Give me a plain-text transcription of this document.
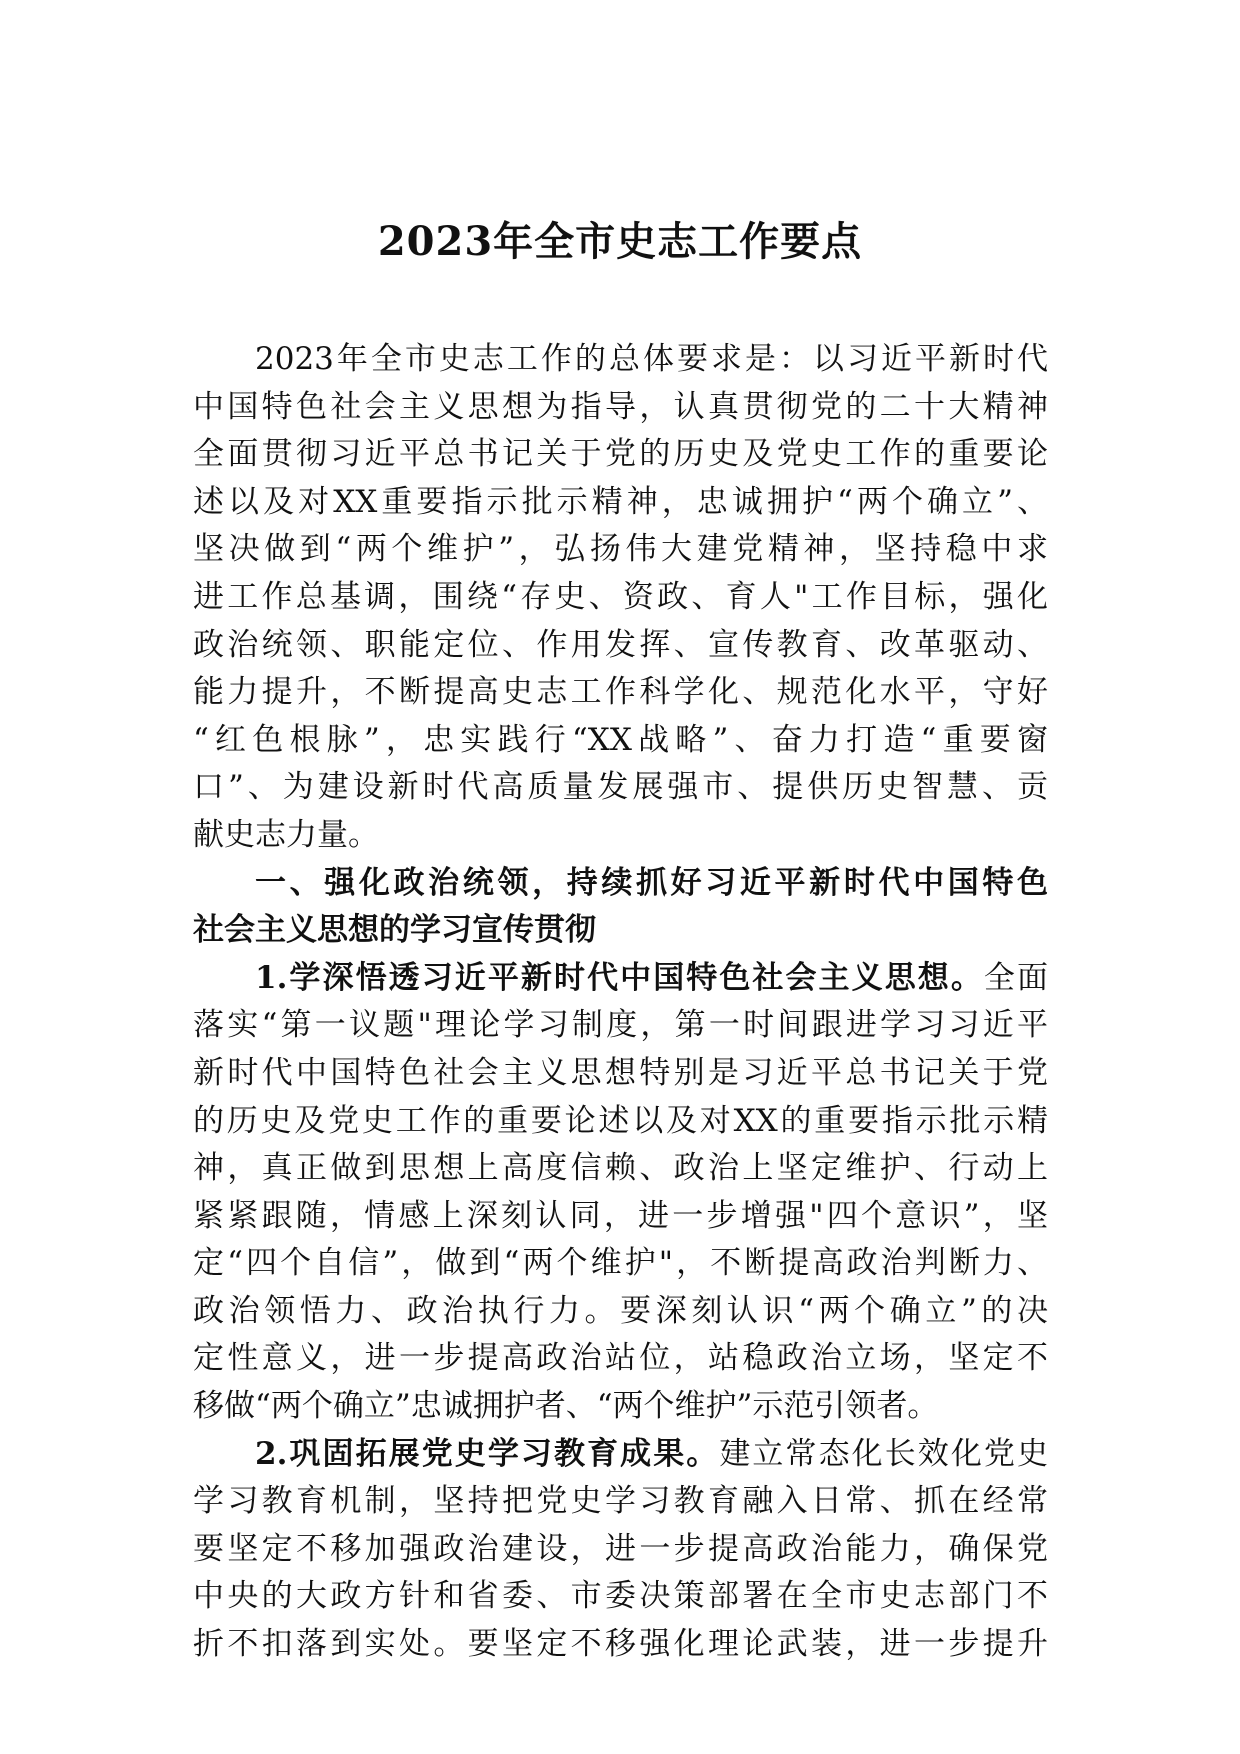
2023年全市史志工作要点
2023年全市史志工作的总体要求是：以习近平新时代
中国特色社会主义思想为指导，认真贯彻党的二十大精神
全面贯彻习近平总书记关于党的历史及党史工作的重要论
述以及对XX重要指示批示精神，忠诚拥护“两个确立”、
坚决做到“两个维护”，弘扬伟大建党精神，坚持稳中求
进工作总基调，围绕“存史、资政、育人"工作目标，强化
政治统领、职能定位、作用发挥、宣传教育、改革驱动、
能力提升，不断提高史志工作科学化、规范化水平，守好
“红色根脉”，忠实践行“XX战略”、奋力打造“重要窗
口”、为建设新时代高质量发展强市、提供历史智慧、贡
献史志力量。
一、强化政治统领，持续抓好习近平新时代中国特色
社会主义思想的学习宣传贯彻
1.学深悟透习近平新时代中国特色社会主义思想。全面
落实“第一议题"理论学习制度，第一时间跟进学习习近平
新时代中国特色社会主义思想特别是习近平总书记关于党
的历史及党史工作的重要论述以及对XX的重要指示批示精
神，真正做到思想上高度信赖、政治上坚定维护、行动上
紧紧跟随，情感上深刻认同，进一步增强"四个意识”，坚
定“四个自信”，做到“两个维护"，不断提高政治判断力、
政治领悟力、政治执行力。要深刻认识“两个确立”的决
定性意义，进一步提高政治站位，站稳政治立场，坚定不
移做“两个确立”忠诚拥护者、“两个维护”示范引领者。
2.巩固拓展党史学习教育成果。建立常态化长效化党史
学习教育机制，坚持把党史学习教育融入日常、抓在经常
要坚定不移加强政治建设，进一步提高政治能力，确保党
中央的大政方针和省委、市委决策部署在全市史志部门不
折不扣落到实处。要坚定不移强化理论武装，进一步提升
